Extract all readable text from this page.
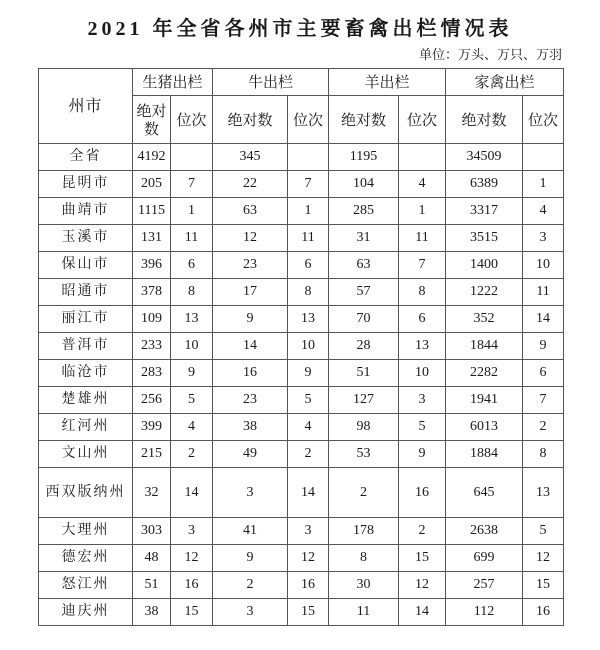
2021 年全省各州市主要畜禽出栏情况表
单位：万头、万只、万羽
州市	生猪出栏		牛出栏		羊出栏		家禽出栏	
	绝对数	位次	绝对数	位次	绝对数	位次	绝对数	位次
全省	4192		345		1195		34509	
昆明市	205	7	22	7	104	4	6389	1
曲靖市	1115	1	63	1	285	1	3317	4
玉溪市	131	11	12	11	31	11	3515	3
保山市	396	6	23	6	63	7	1400	10
昭通市	378	8	17	8	57	8	1222	11
丽江市	109	13	9	13	70	6	352	14
普洱市	233	10	14	10	28	13	1844	9
临沧市	283	9	16	9	51	10	2282	6
楚雄州	256	5	23	5	127	3	1941	7
红河州	399	4	38	4	98	5	6013	2
文山州	215	2	49	2	53	9	1884	8
西双版纳州	32	14	3	14	2	16	645	13
大理州	303	3	41	3	178	2	2638	5
德宏州	48	12	9	12	8	15	699	12
怒江州	51	16	2	16	30	12	257	15
迪庆州	38	15	3	15	11	14	112	16
